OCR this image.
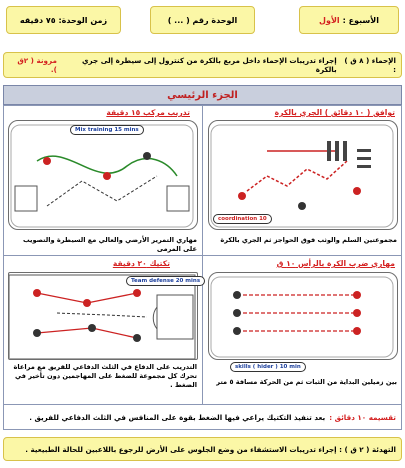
الأسبوع :
الأول
الوحدة رقم ( ... )
زمن الوحدة: ٧٥ دقيقه
الإحماء ( ٨ ق ) :

إجراء تدريبات الإحماء داخل مربع بالكرة من كنترول إلى سيطرة إلى جري بالكرة

مرونة ( ٢ق ).
الجزء الرئيسي
توافق ( ١٠ دقائق ) الجري بالكرة
coordination 10
مجموعتين السلم والوثب فوق الحواجز ثم الجري بالكرة
تدريب مركب ١٥ دقيقة
Mix training 15 mins
مهاري التمرير الأرضي والعالي مع السيطرة والتصويب على المرمى
مهاري ضرب الكرة بالرأس ١٠ ق
skills ( hider ) 10 min
بين زميلين البداية من الثبات ثم من الحركة مسافة ٥ متر
تكتيك ٢٠ دقيقة
Team defense 20 mins
التدريب على الدفاع في الثلث الدفاعي للفريق مع مراعاة تحرك كل مجموعة للضغط على المهاجمين دون تأخير في الضغط .
تقسيمه ١٠ دقائق :
بعد تنفيذ التكتيك يراعي فيها الضغط بقوة على المنافس في الثلث الدفاعي للفريق .
التهدئة ( ٢ ق ) :

إجراء تدريبات الاستشفاء من وضع الجلوس على الأرض للرجوع باللاعبين للحالة الطبيعية .
